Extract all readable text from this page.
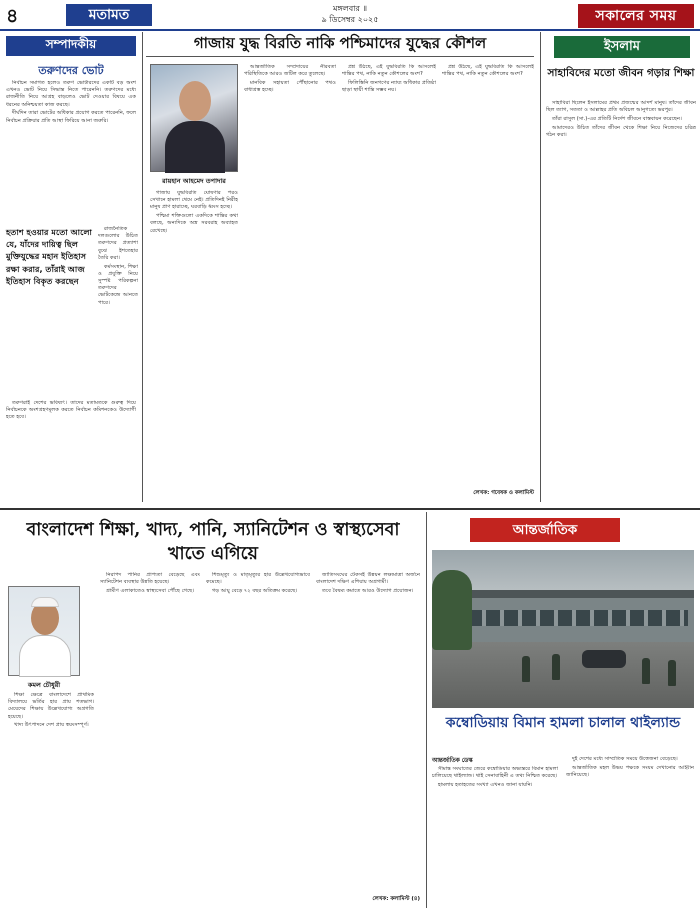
৪	মতামত	মঙ্গলবার ॥
৯ ডিসেম্বর ২০২৫	সকালের সময়
সম্পাদকীয়
তরুণদের ভোট

নির্বাচন সমাগত হলেও তরুণ ভোটারদের একটি বড় অংশ এখনও ভোট নিয়ে সিদ্ধান্ত নিতে পারেননি। তরুণদের মধ্যে রাজনীতি নিয়ে আগ্রহ বাড়লেও ভোট দেওয়ার বিষয়ে এক ধরনের অনিশ্চয়তা কাজ করছে।

দীর্ঘদিন তারা ভোটের অধিকার প্রয়োগ করতে পারেননি, ফলে নির্বাচন প্রক্রিয়ার প্রতি আস্থা ফিরিয়ে আনা জরুরি।

হতাশ হওয়ার মতো আলো যে, যাঁদের দায়িত্ব ছিল মুক্তিযুদ্ধের মহান ইতিহাস রক্ষা করার, তাঁরাই আজ ইতিহাস বিকৃত করছেন

রাজনৈতিক দলগুলোর উচিত তরুণদের প্রত্যাশা বুঝে ইশতেহার তৈরি করা।

কর্মসংস্থান, শিক্ষা ও প্রযুক্তি নিয়ে সুস্পষ্ট পরিকল্পনা তরুণদের ভোটকেন্দ্রে আনতে পারে।

তরুণরাই দেশের ভবিষ্যৎ। তাদের মতামতকে গুরুত্ব দিয়ে নির্বাচনকে অংশগ্রহণমূলক করতে নির্বাচন কমিশনকেও উদ্যোগী হতে হবে।

গাজায় যুদ্ধ বিরতি নাকি পশ্চিমাদের যুদ্ধের কৌশল
রায়হান আহমেদ তপাদার

গাজায় যুদ্ধবিরতি ঘোষণার পরও সেখানে হামলা থেমে নেই। প্রতিদিনই নিরীহ মানুষ প্রাণ হারাচ্ছে, ঘরবাড়ি ধ্বংস হচ্ছে।

পশ্চিমা শক্তিগুলো একদিকে শান্তির কথা বলছে, অন্যদিকে অস্ত্র সরবরাহ অব্যাহত রেখেছে।

আন্তর্জাতিক সম্প্রদায়ের নীরবতা পরিস্থিতিকে আরও জটিল করে তুলেছে।

মানবিক সহায়তা পৌঁছানোর পথও বাধাগ্রস্ত হচ্ছে।

প্রশ্ন উঠছে, এই যুদ্ধবিরতি কি আসলেই শান্তির পথ, নাকি নতুন কৌশলের অংশ?

ফিলিস্তিনি জনগণের ন্যায্য অধিকার প্রতিষ্ঠা ছাড়া স্থায়ী শান্তি সম্ভব নয়।

প্রশ্ন উঠছে, এই যুদ্ধবিরতি কি আসলেই শান্তির পথ, নাকি নতুন কৌশলের অংশ?

লেখক: গবেষক ও কলামিস্ট
ইসলাম
সাহাবিদের মতো জীবন গড়ার শিক্ষা

সাহাবিরা ছিলেন ইসলামের প্রথম প্রজন্মের আদর্শ মানুষ। তাঁদের জীবন ছিল ত্যাগ, সততা ও আল্লাহর প্রতি অবিচল আনুগত্যে ভরপুর।

তাঁরা রাসুল (সা.)-এর প্রতিটি নির্দেশ জীবনে বাস্তবায়ন করেছেন।

আমাদেরও উচিত তাঁদের জীবন থেকে শিক্ষা নিয়ে নিজেদের চরিত্র গঠন করা।

বাংলাদেশ শিক্ষা, খাদ্য, পানি, স্যানিটেশন ও স্বাস্থ্যসেবা খাতে এগিয়ে
কমল চৌধুরী

শিক্ষা ক্ষেত্রে বাংলাদেশে প্রাথমিক বিদ্যালয়ে ভর্তির হার প্রায় শতভাগ। মেয়েদের শিক্ষায় উল্লেখযোগ্য অগ্রগতি হয়েছে।

খাদ্য উৎপাদনে দেশ প্রায় স্বয়ংসম্পূর্ণ।

নিরাপদ পানির প্রাপ্যতা বেড়েছে এবং স্যানিটেশন ব্যবস্থার উন্নতি হয়েছে।

গ্রামীণ এলাকাতেও স্বাস্থ্যসেবা পৌঁছে গেছে।

শিশুমৃত্যু ও মাতৃমৃত্যুর হার উল্লেখযোগ্যভাবে কমেছে।

গড় আয়ু বেড়ে ৭২ বছর অতিক্রম করেছে।

জাতিসংঘের টেকসই উন্নয়ন লক্ষ্যমাত্রা অর্জনে বাংলাদেশ দক্ষিণ এশিয়ায় অগ্রগামী।

তবে বৈষম্য কমাতে আরও উদ্যোগ প্রয়োজন।

লেখক: কলামিস্ট (৪)
আন্তর্জাতিক
কম্বোডিয়ায় বিমান হামলা চালাল থাইল্যান্ড
আন্তর্জাতিক ডেস্ক

সীমান্ত সংঘাতের জেরে কম্বোডিয়ার অভ্যন্তরে বিমান হামলা চালিয়েছে থাইল্যান্ড। থাই সেনাবাহিনী এ তথ্য নিশ্চিত করেছে।

হামলায় হতাহতের সংখ্যা এখনও জানা যায়নি।

দুই দেশের মধ্যে সাম্প্রতিক সময়ে উত্তেজনা বেড়েছে।

আন্তর্জাতিক মহল উভয় পক্ষকে সংযম দেখানোর আহ্বান জানিয়েছে।
